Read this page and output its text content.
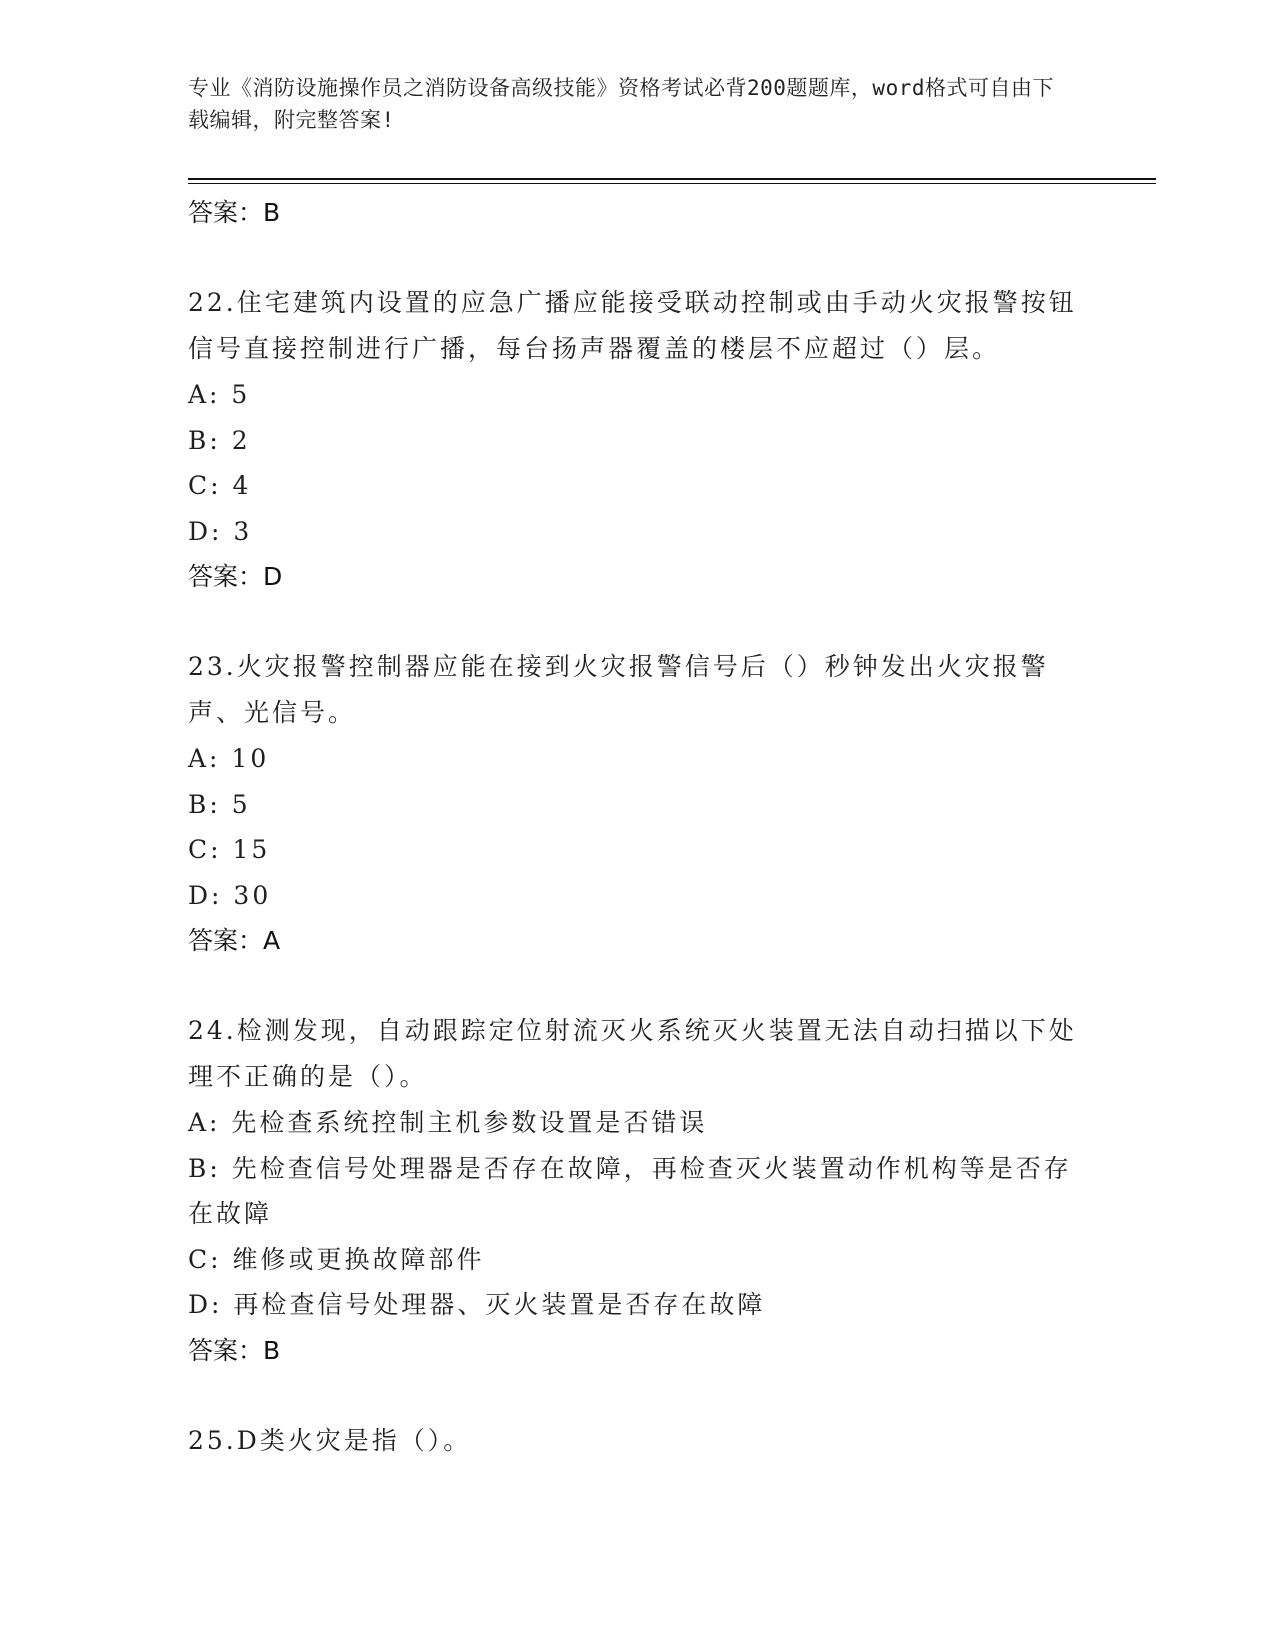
专业《消防设施操作员之消防设备高级技能》资格考试必背200题题库，word格式可自由下载编辑，附完整答案!

答案：B

22.住宅建筑内设置的应急广播应能接受联动控制或由手动火灾报警按钮信号直接控制进行广播，每台扬声器覆盖的楼层不应超过（）层。

A: 5

B: 2

C: 4

D: 3

答案：D

23.火灾报警控制器应能在接到火灾报警信号后（）秒钟发出火灾报警声、光信号。

A: 10

B: 5

C: 15

D: 30

答案：A

24.检测发现，自动跟踪定位射流灭火系统灭火装置无法自动扫描以下处理不正确的是（）。

A: 先检查系统控制主机参数设置是否错误

B: 先检查信号处理器是否存在故障，再检查灭火装置动作机构等是否存在故障

C: 维修或更换故障部件

D: 再检查信号处理器、灭火装置是否存在故障

答案：B

25.D类火灾是指（）。
